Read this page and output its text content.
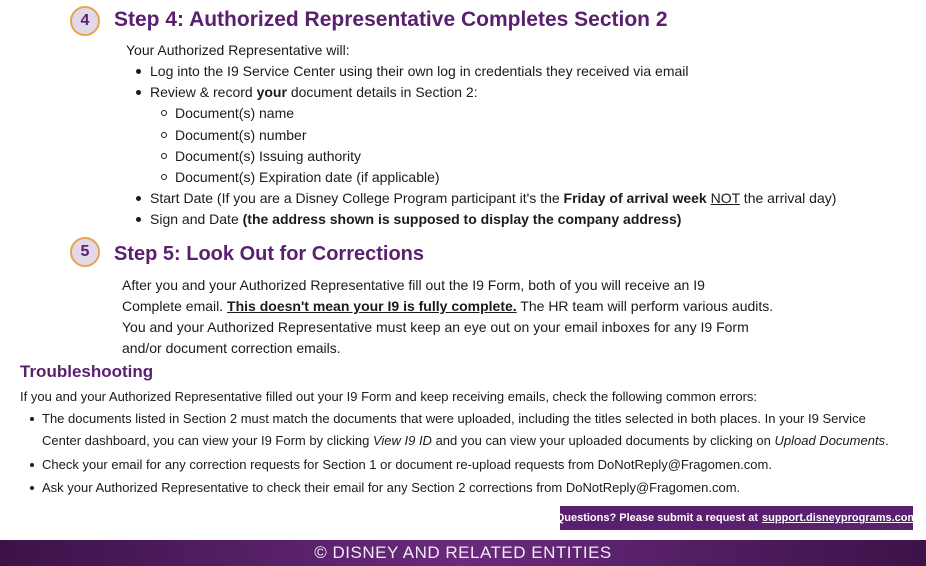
4 Step 4: Authorized Representative Completes Section 2
Your Authorized Representative will:
Log into the I9 Service Center using their own log in credentials they received via email
Review & record your document details in Section 2:
Document(s) name
Document(s) number
Document(s) Issuing authority
Document(s) Expiration date (if applicable)
Start Date (If you are a Disney College Program participant it's the Friday of arrival week NOT the arrival day)
Sign and Date (the address shown is supposed to display the company address)
5 Step 5: Look Out for Corrections
After you and your Authorized Representative fill out the I9 Form, both of you will receive an I9
Complete email. This doesn't mean your I9 is fully complete. The HR team will perform various audits.
You and your Authorized Representative must keep an eye out on your email inboxes for any I9 Form
and/or document correction emails.
Troubleshooting
If you and your Authorized Representative filled out your I9 Form and keep receiving emails, check the following common errors:
The documents listed in Section 2 must match the documents that were uploaded, including the titles selected in both places. In your I9 Service
Center dashboard, you can view your I9 Form by clicking View I9 ID and you can view your uploaded documents by clicking on Upload Documents.
Check your email for any correction requests for Section 1 or document re-upload requests from DoNotReply@Fragomen.com.
Ask your Authorized Representative to check their email for any Section 2 corrections from DoNotReply@Fragomen.com.
Questions? Please submit a request at support.disneyprograms.com
© DISNEY AND RELATED ENTITIES
